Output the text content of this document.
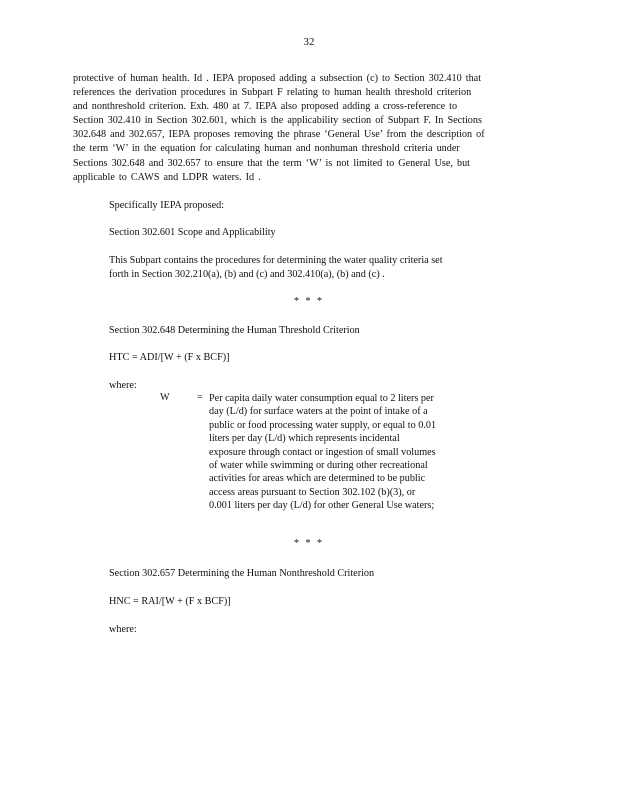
32
protective of human health. Id . IEPA proposed adding a subsection (c) to Section 302.410 that
references the derivation procedures in Subpart F relating to human health threshold criterion
and nonthreshold criterion. Exh. 480 at 7. IEPA also proposed adding a cross-reference to
Section 302.410 in Section 302.601, which is the applicability section of Subpart F. In Sections
302.648 and 302.657, IEPA proposes removing the phrase ‘General Use’ from the description of
the term ‘W’ in the equation for calculating human and nonhuman threshold criteria under
Sections 302.648 and 302.657 to ensure that the term ‘W’ is not limited to General Use, but
applicable to CAWS and LDPR waters. Id .
Specifically IEPA proposed:
Section 302.601 Scope and Applicability
This Subpart contains the procedures for determining the water quality criteria set
forth in Section 302.210(a), (b) and (c) and 302.410(a), (b) and (c) .
* * *
Section 302.648 Determining the Human Threshold Criterion
HTC = ADI/[W + (F x BCF)]
where:
W	= Per capita daily water consumption equal to 2 liters per
day (L/d) for surface waters at the point of intake of a
public or food processing water supply, or equal to 0.01
liters per day (L/d) which represents incidental
exposure through contact or ingestion of small volumes
of water while swimming or during other recreational
activities for areas which are determined to be public
access areas pursuant to Section 302.102 (b)(3), or
0.001 liters per day (L/d) for other General Use waters;
* * *
Section 302.657 Determining the Human Nonthreshold Criterion
HNC = RAI/[W + (F x BCF)]
where:
